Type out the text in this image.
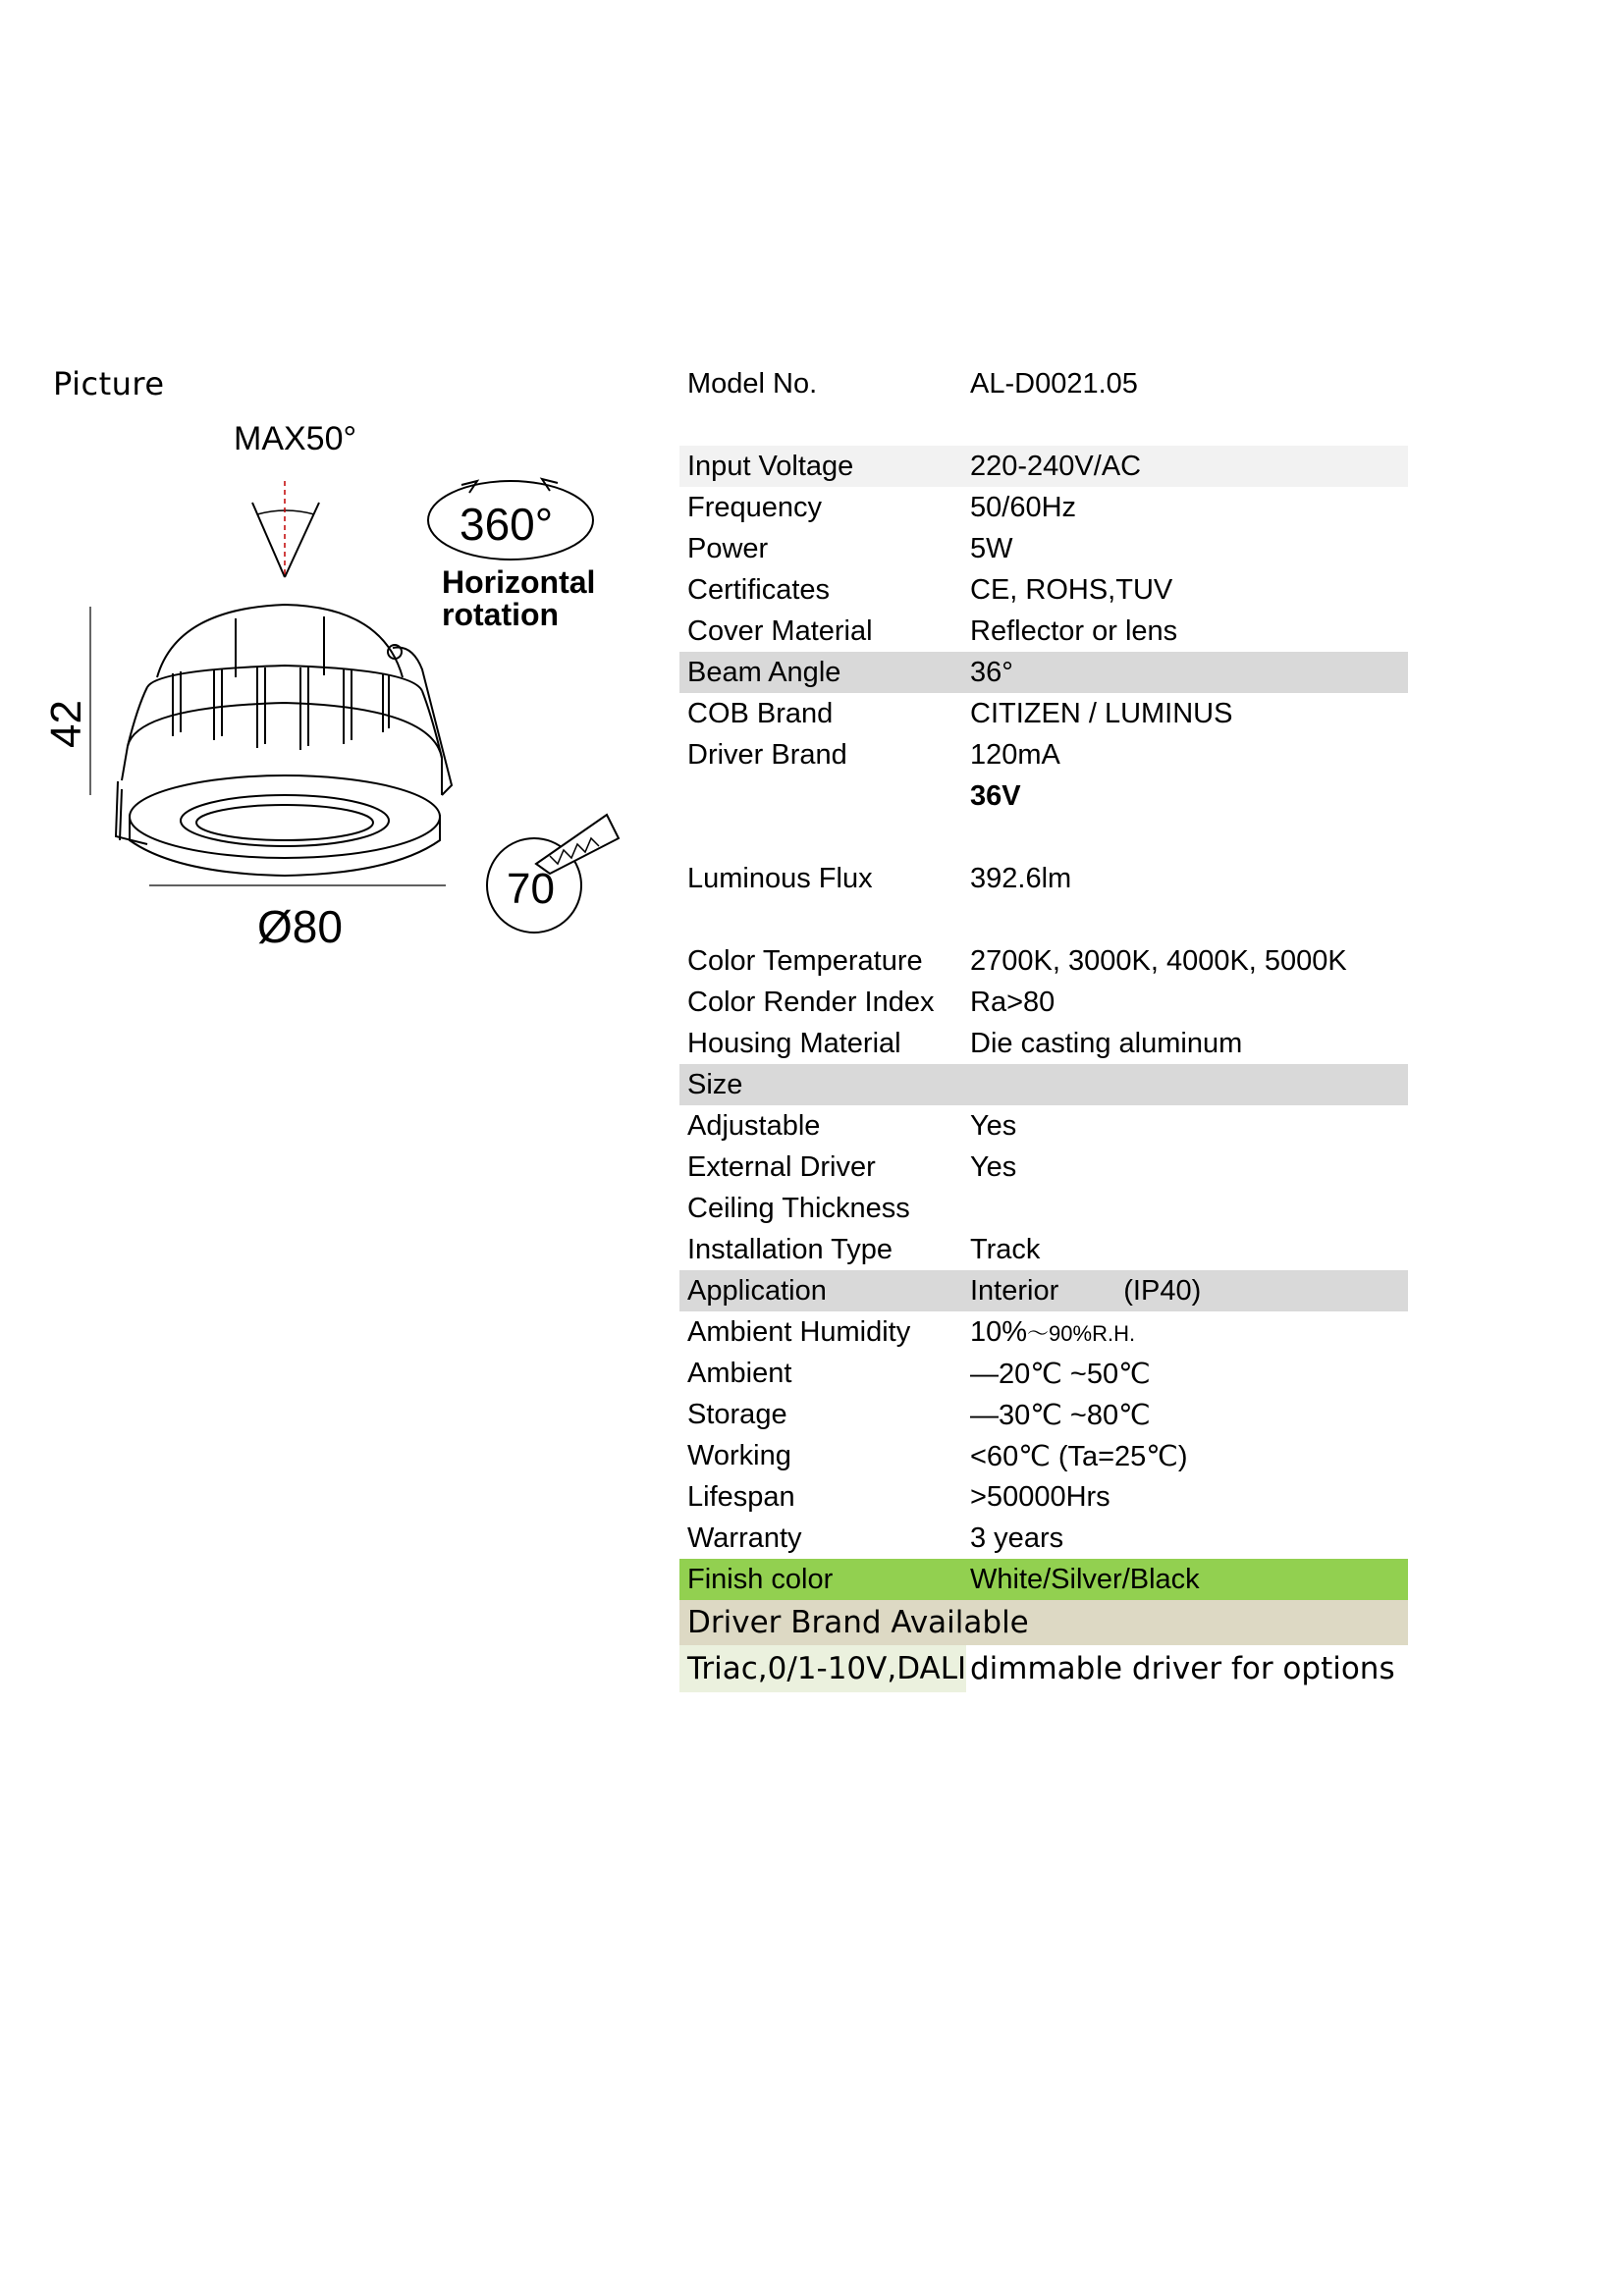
Picture
MAX50°
360°
Horizontal
rotation
42
Ø80
70
Model No.	AL-D0021.05
Input Voltage	220-240V/AC
Frequency	50/60Hz
Power	5W
Certificates	CE, ROHS,TUV
Cover Material	Reflector or lens
Beam Angle	36°
COB Brand	CITIZEN / LUMINUS
Driver Brand	120mA
36V
Luminous Flux	392.6lm
Color Temperature 2700K, 3000K, 4000K, 5000K
Color Render Index Ra>80
Housing Material Die casting aluminum
Size
Adjustable	Yes
External Driver	Yes
Ceiling Thickness
Installation Type	Track
Application	Interior (IP40)
Ambient Humidity 10%～90%R.H.
Ambient	—20℃ ~50℃
Storage	—30℃ ~80℃
Working	<60℃ (Ta=25℃)
Lifespan	>50000Hrs
Warranty	3 years
Finish color	White/Silver/Black
Driver Brand Available
Triac,0/1-10V,DALI dimmable driver for options
